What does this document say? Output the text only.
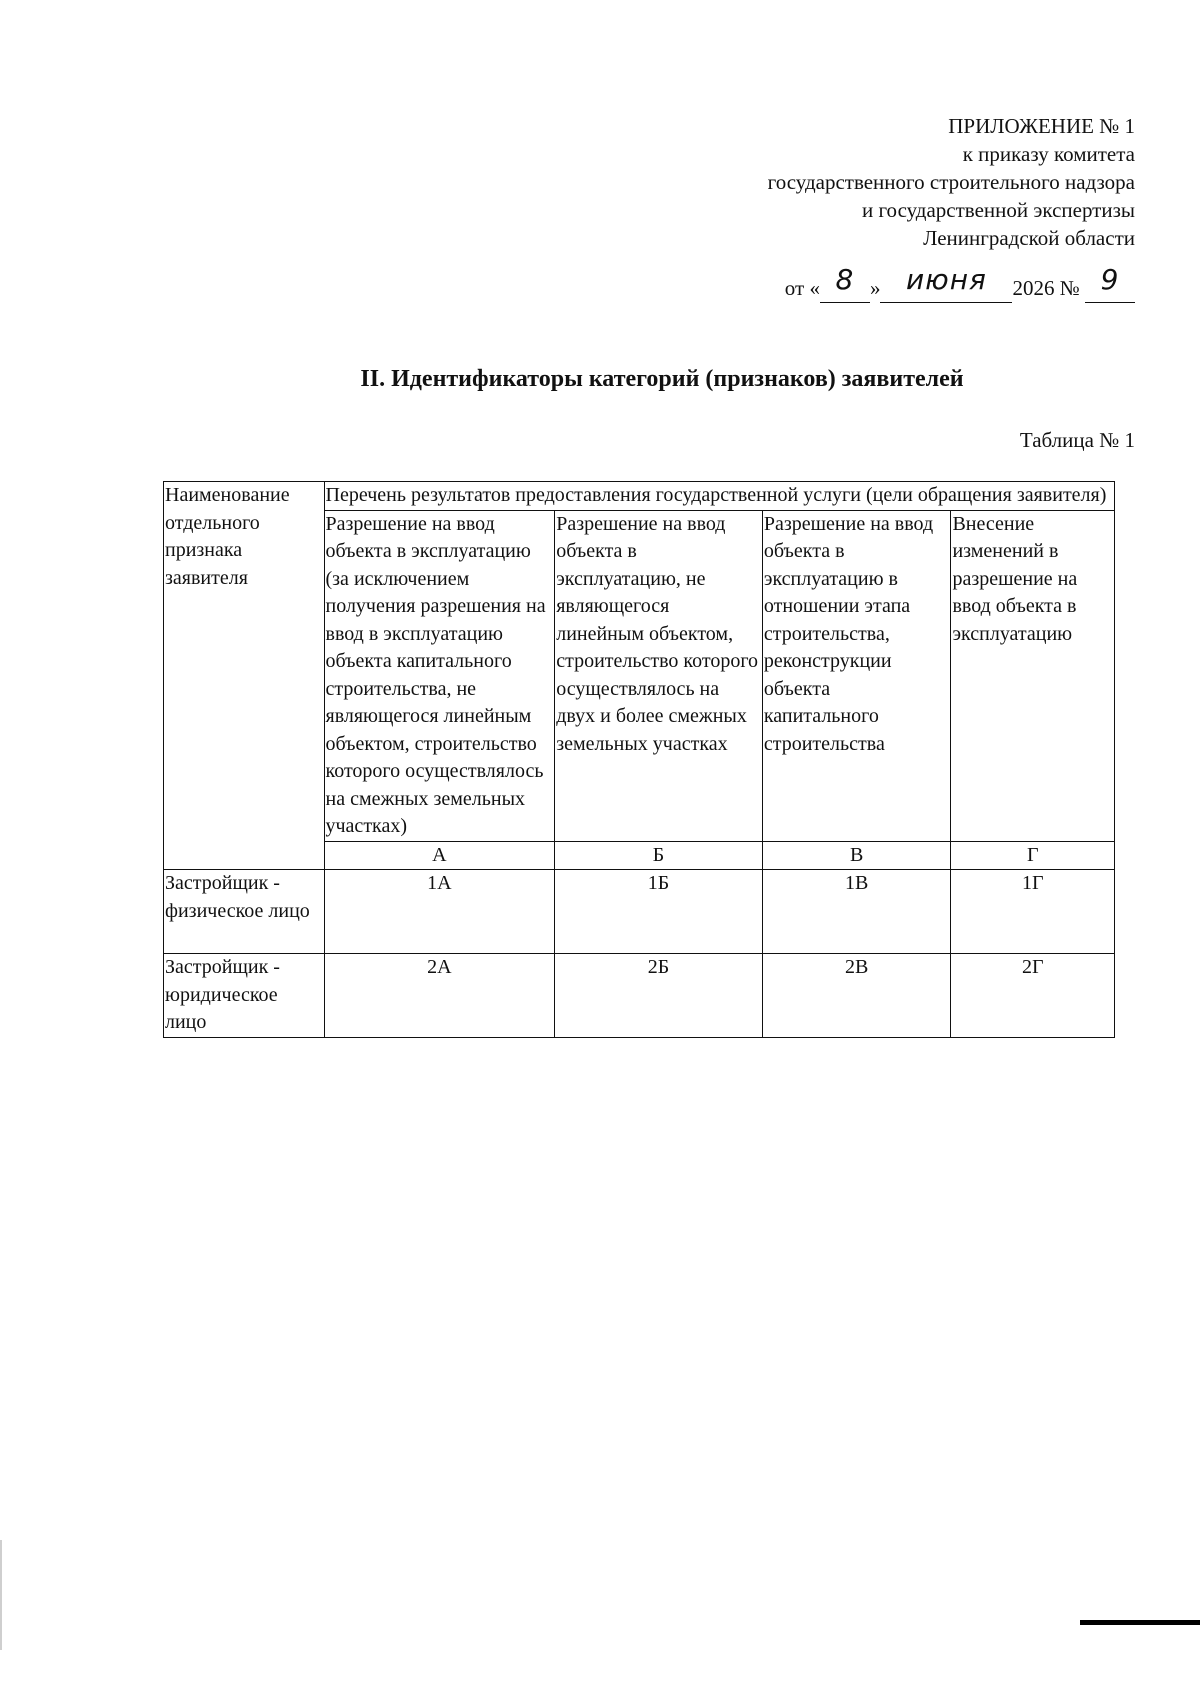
ПРИЛОЖЕНИЕ № 1
к приказу комитета
государственного строительного надзора
и государственной экспертизы
Ленинградской области
от « 8 » июня 2026 № 9
II. Идентификаторы категорий (признаков) заявителей
Таблица № 1
Наименование отдельного признака заявителя	Перечень результатов предоставления государственной услуги (цели обращения заявителя)			
	Разрешение на ввод объекта в эксплуатацию (за исключением получения разрешения на ввод в эксплуатацию объекта капитального строительства, не являющегося линейным объектом, строительство которого осуществлялось на смежных земельных участках)	Разрешение на ввод объекта в эксплуатацию, не являющегося линейным объектом, строительство которого осуществлялось на двух и более смежных земельных участках	Разрешение на ввод объекта в эксплуатацию в отношении этапа строительства, реконструкции объекта капитального строительства	Внесение изменений в разрешение на ввод объекта в эксплуатацию
	А	Б	В	Г
Застройщик - физическое лицо	1А	1Б	1В	1Г
Застройщик - юридическое лицо	2А	2Б	2В	2Г
